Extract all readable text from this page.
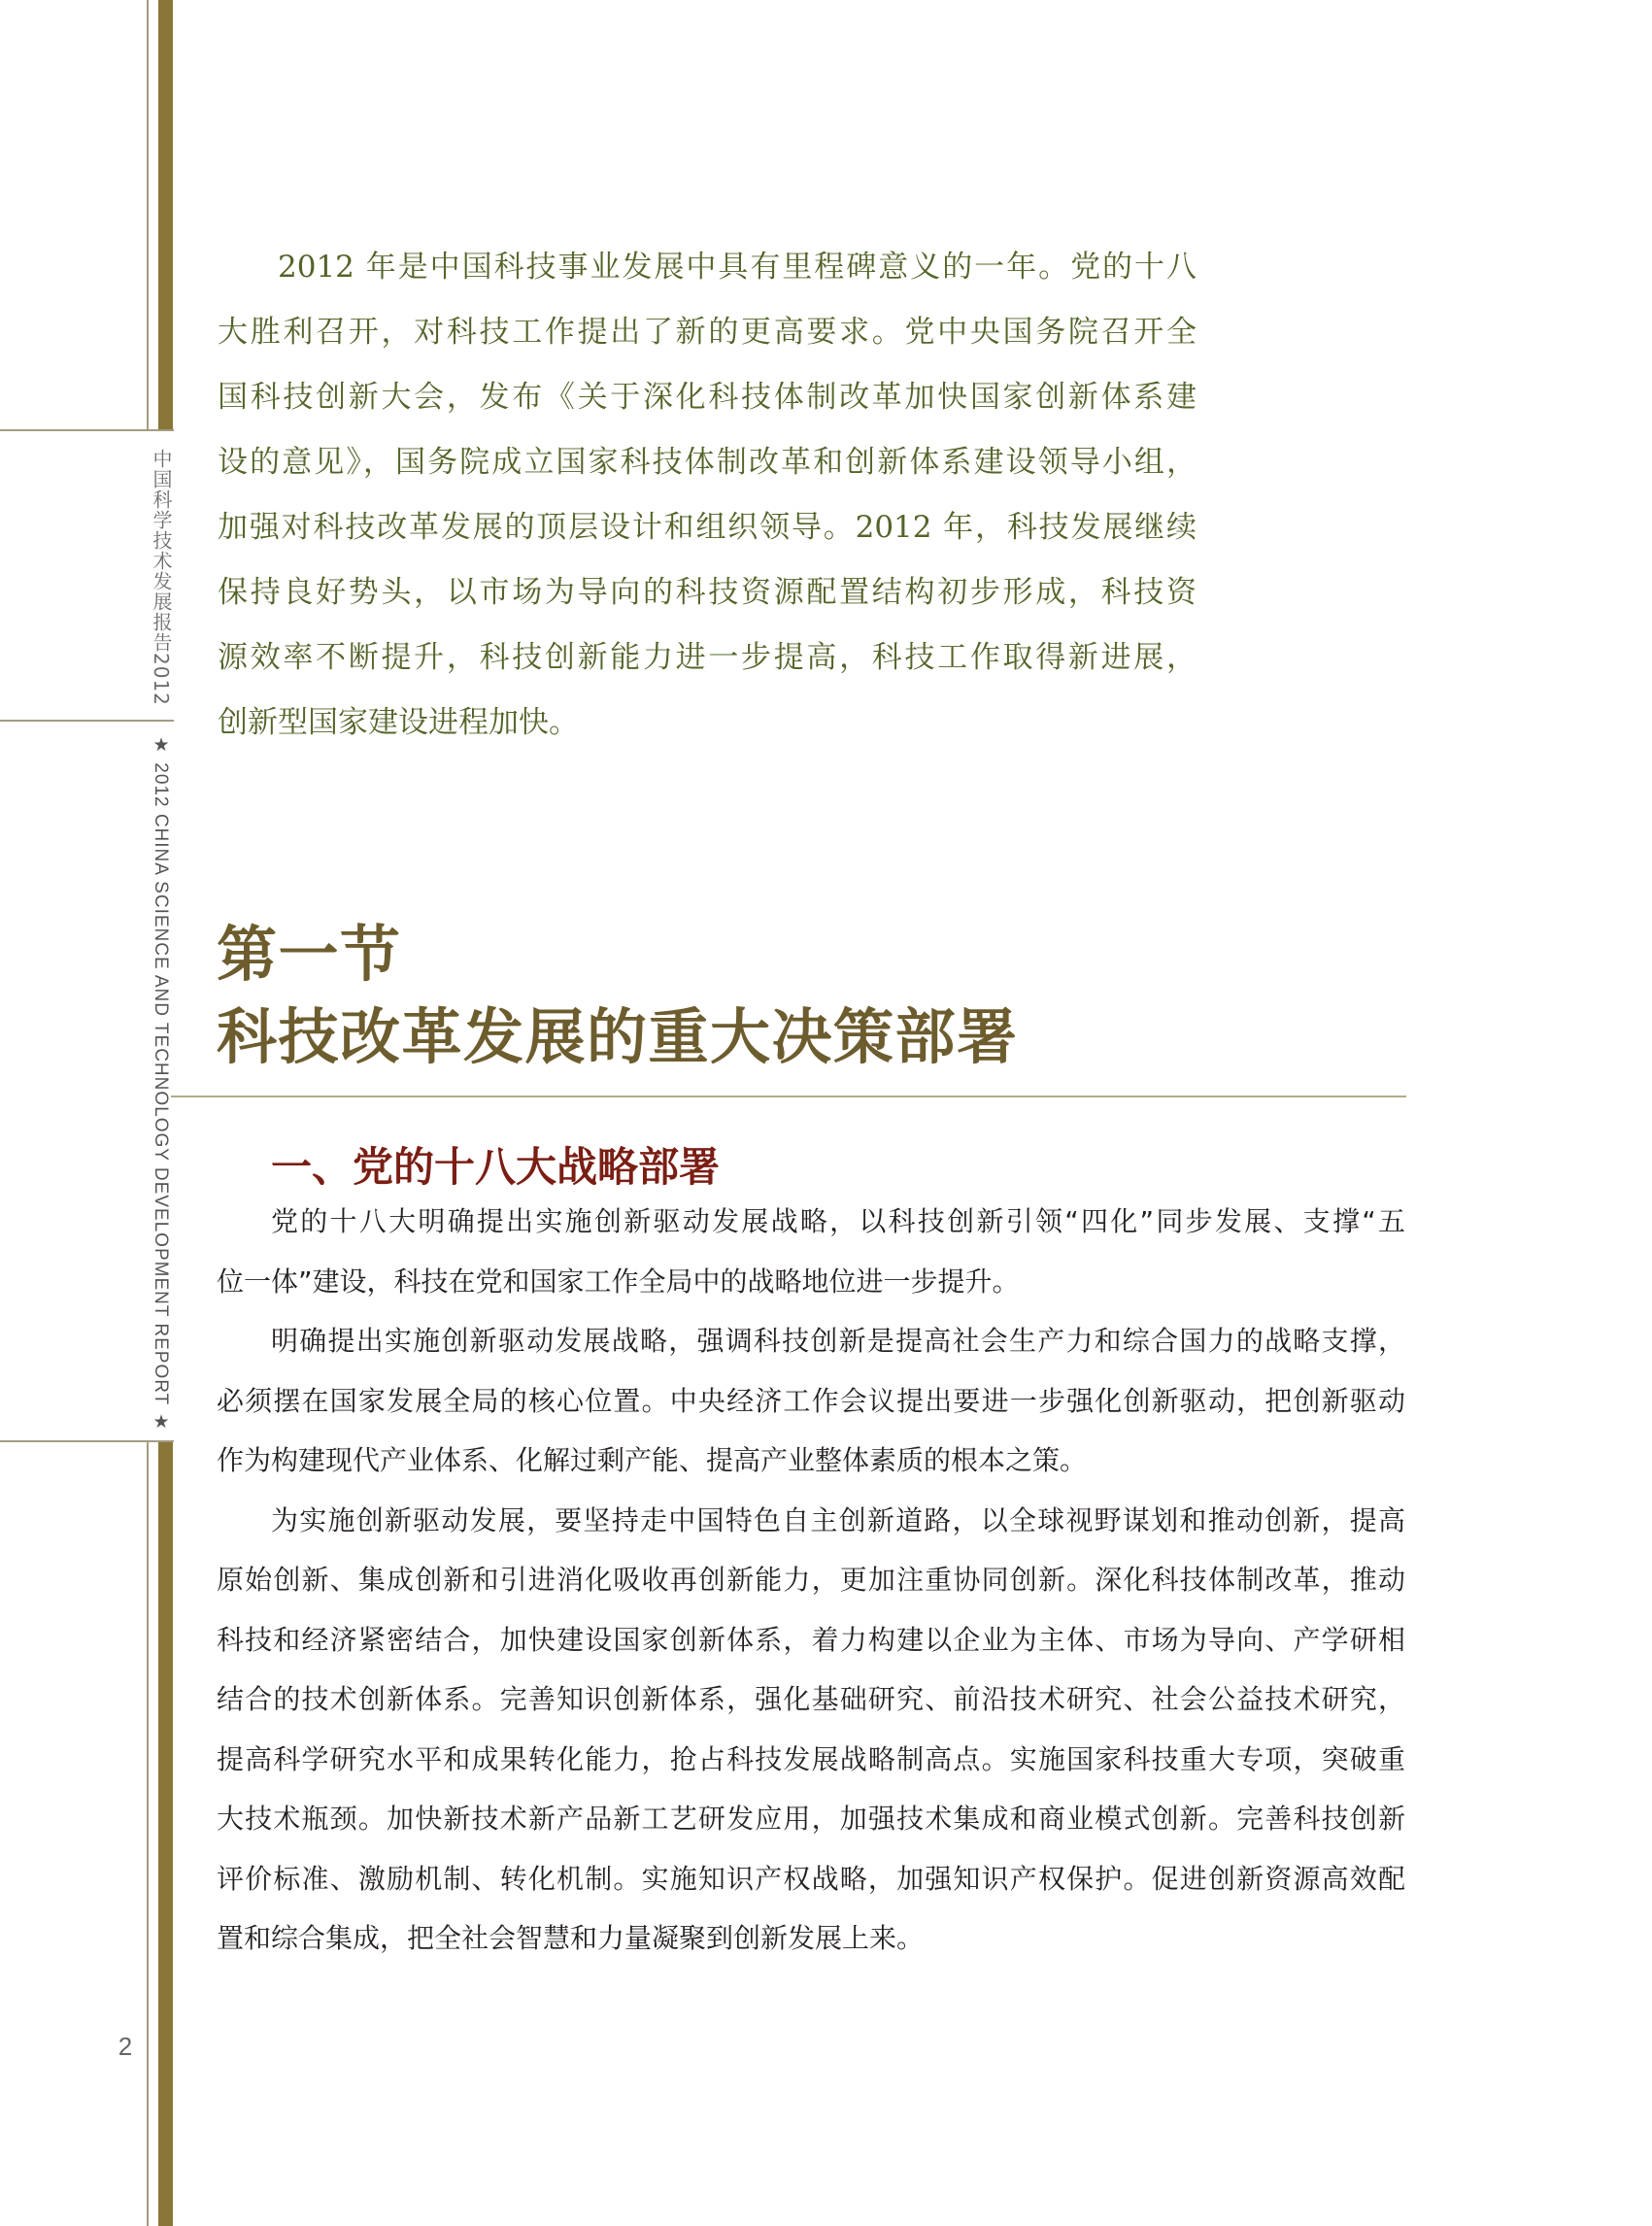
中国科学技术发展报告2012
★ 2012 CHINA SCIENCE AND TECHNOLOGY DEVELOPMENT REPORT ★
2
2012 年是中国科技事业发展中具有里程碑意义的一年。党的十八
大胜利召开，对科技工作提出了新的更高要求。党中央国务院召开全
国科技创新大会，发布《关于深化科技体制改革加快国家创新体系建
设的意见》，国务院成立国家科技体制改革和创新体系建设领导小组，
加强对科技改革发展的顶层设计和组织领导。2012 年，科技发展继续
保持良好势头，以市场为导向的科技资源配置结构初步形成，科技资
源效率不断提升，科技创新能力进一步提高，科技工作取得新进展，
创新型国家建设进程加快。
第一节
科技改革发展的重大决策部署
一、党的十八大战略部署
党的十八大明确提出实施创新驱动发展战略，以科技创新引领“四化”同步发展、支撑“五
位一体”建设，科技在党和国家工作全局中的战略地位进一步提升。
明确提出实施创新驱动发展战略，强调科技创新是提高社会生产力和综合国力的战略支撑，
必须摆在国家发展全局的核心位置。中央经济工作会议提出要进一步强化创新驱动，把创新驱动
作为构建现代产业体系、化解过剩产能、提高产业整体素质的根本之策。
为实施创新驱动发展，要坚持走中国特色自主创新道路，以全球视野谋划和推动创新，提高
原始创新、集成创新和引进消化吸收再创新能力，更加注重协同创新。深化科技体制改革，推动
科技和经济紧密结合，加快建设国家创新体系，着力构建以企业为主体、市场为导向、产学研相
结合的技术创新体系。完善知识创新体系，强化基础研究、前沿技术研究、社会公益技术研究，
提高科学研究水平和成果转化能力，抢占科技发展战略制高点。实施国家科技重大专项，突破重
大技术瓶颈。加快新技术新产品新工艺研发应用，加强技术集成和商业模式创新。完善科技创新
评价标准、激励机制、转化机制。实施知识产权战略，加强知识产权保护。促进创新资源高效配
置和综合集成，把全社会智慧和力量凝聚到创新发展上来。
